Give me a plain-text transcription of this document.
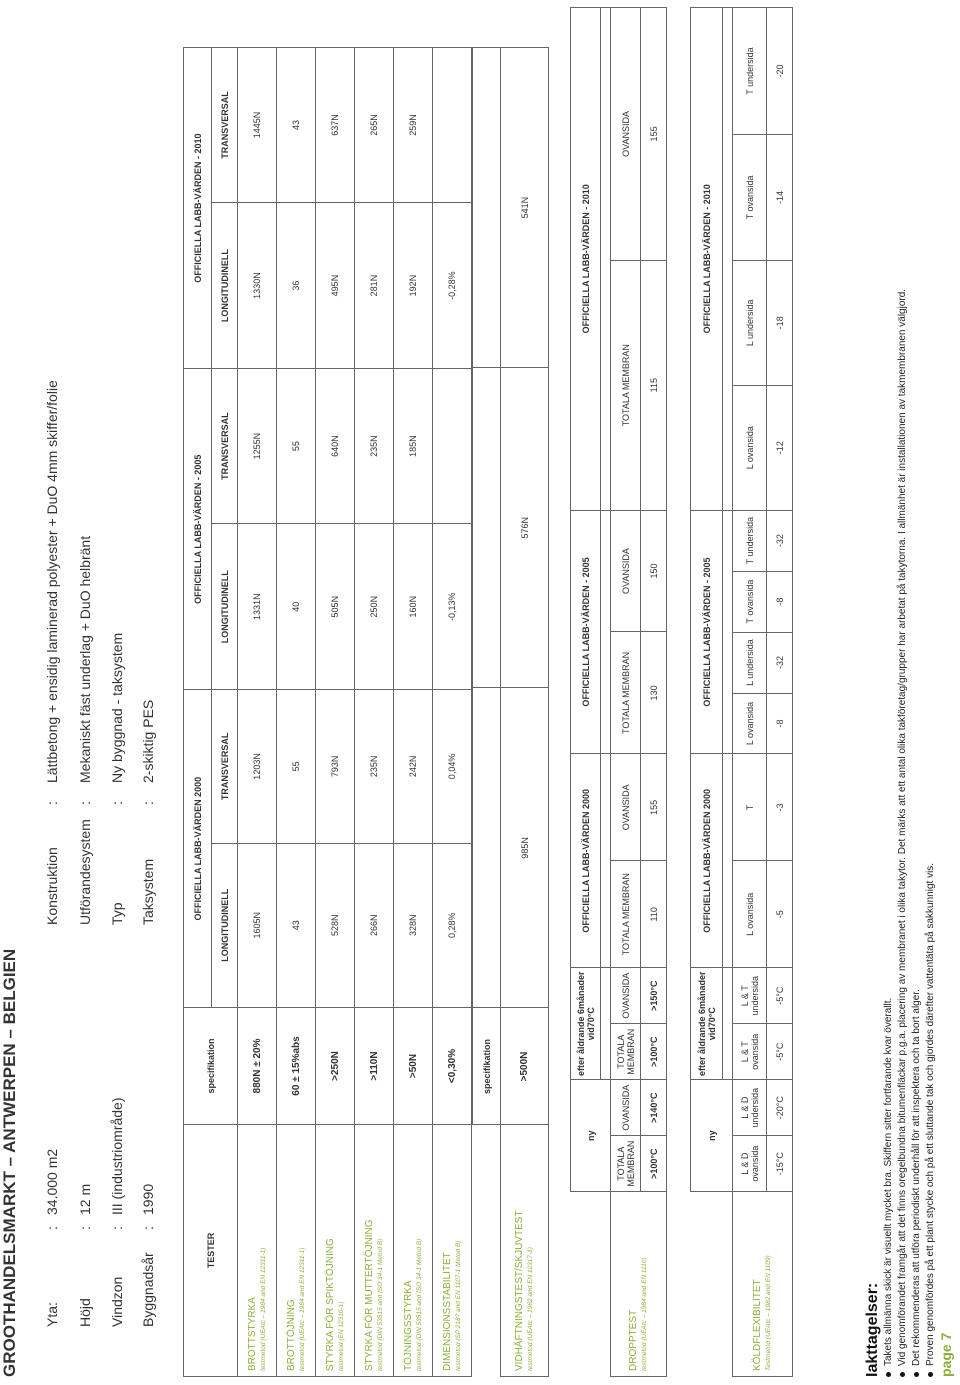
GROOTHANDELSMARKT – ANTWERPEN – BELGIEN Yta:
:
34.000 m2
Höjd
:
12 m
Vindzon
:
III (industriområde)
Byggnadsår
:
1990
Konstruktion
:
Lättbetong + ensidig laminerad polyester + DuO 4mm skiffer/folie
Utförandesystem
:
Mekaniskt fäst underlag + DuO helbränt
Typ
:
Ny byggnad - taksystem
Taksystem
:
2-skiktig PES
TESTER	specifikation	OFFICIELLA LABB-VÄRDEN 2000		OFFICIELLA LABB-VÄRDEN - 2005		OFFICIELLA LABB-VÄRDEN - 2010	
		LONGITUDINELL	TRANSVERSAL	LONGITUDINELL	TRANSVERSAL	LONGITUDINELL	TRANSVERSAL

BROTTSTYRKA testmetod (UEAtc – 1984 and EN 12311-1)	880N ± 20%	1605N	1203N	1331N	1255N	1330N	1445N

BROTTÖJNING testmetod (UEAtc – 1984 and EN 12311-1)	60 ± 15%abs	43	55	40	55	36	43

STYRKA FÖR SPIKTÖJNING testmetod (EN 12310-1)	>250N	528N	793N	505N	640N	495N	637N

STYRKA FÖR MUTTERTÖJNING testmetod (DIN 53515 and ISO 34-1 Metod B)	>110N	266N	235N	250N	235N	281N	265N

TÖJNINGSSTYRKA testmetod (DIN 53515 and ISO 34-1 Metod B)	>50N	328N	242N	160N	185N	192N	259N

DIMENSIONSSTABILITET testmetod (SP 218? and EN 1107-1 Metod B)	<0,30%	0,28%	0,04%	-0,13%		-0,28%	
	specifikation			

VIDHÄFTNINGSTEST/SKJUVTEST testmetod (UEAtc – 1982 and EN 12317-1)	>500N	985N	576N	541N
	ny		efter åldrande 6månader vid70°C		OFFICIELLA LABB-VÄRDEN 2000		OFFICIELLA LABB-VÄRDEN - 2005		OFFICIELLA LABB-VÄRDEN - 2010	

DROPPTEST testmetod (UEAtc – 1984 and EN 1110)	TOTALA MEMBRAN	OVANSIDA	TOTALA MEMBRAN	OVANSIDA	TOTALA MEMBRAN	OVANSIDA	TOTALA MEMBRAN	OVANSIDA	TOTALA MEMBRAN	OVANSIDA
	>100°C	>140°C	>100°C	>150°C	110	155	130	150	115	155
	ny		efter åldrande 6månader vid70°C		OFFICIELLA LABB-VÄRDEN 2000		OFFICIELLA LABB-VÄRDEN - 2005				OFFICIELLA LABB-VÄRDEN - 2010			

KÖLDFLEXIBILITET Testmetod (UEAtc – 1982 and EN 1109)	L & D ovansida	L & D undersida	L & T ovansida	L & T undersida	L ovansida	T	L ovansida	L undersida	T ovansida	T undersida	L ovansida	L undersida	T ovansida	T undersida
	-15°C	-20°C	-5°C	-5°C	-5	-3	-8	-32	-8	-32	-12	-18	-14	-20
Iakttagelser: Takets allmänna skick är visuellt mycket bra. Skiffern sitter fortfarande kvar överallt. Vid genomförandet framgår att det finns oregelbundna bitumenfläckar p.g.a. placering av membranet i olika takytor. Det märks att ett antal olika takföretag/grupper har arbetat på takytorna. I allmänhet är installationen av takmembranen välgjord. Det rekommenderas att utföra periodiskt underhåll för att inspektera och ta bort alger. Proven genomfördes på ett plant stycke och på ett sluttande tak och gjordes därefter vattentäta på sakkunnigt vis. page 7
